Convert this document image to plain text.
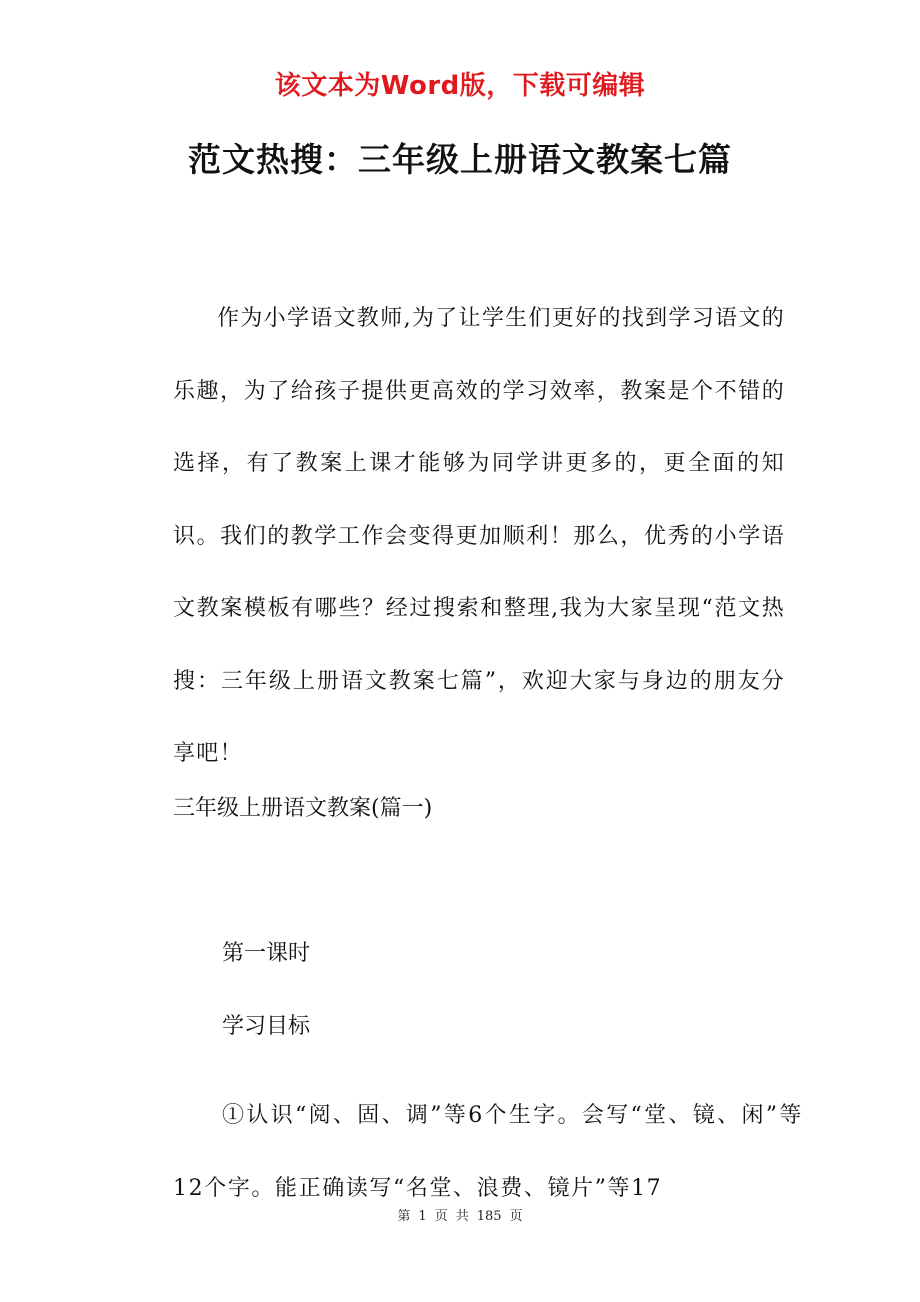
该文本为Word版，下载可编辑
范文热搜：三年级上册语文教案七篇

作为小学语文教师,为了让学生们更好的找到学习语文的乐趣，为了给孩子提供更高效的学习效率，教案是个不错的选择，有了教案上课才能够为同学讲更多的，更全面的知识。我们的教学工作会变得更加顺利！那么，优秀的小学语文教案模板有哪些？经过搜索和整理,我为大家呈现“范文热搜：三年级上册语文教案七篇”，欢迎大家与身边的朋友分享吧！

三年级上册语文教案(篇一)

第一课时

学习目标

①认识“阅、固、调”等6个生字。会写“堂、镜、闲”等12个字。能正确读写“名堂、浪费、镜片”等17

第 1 页 共 185 页
